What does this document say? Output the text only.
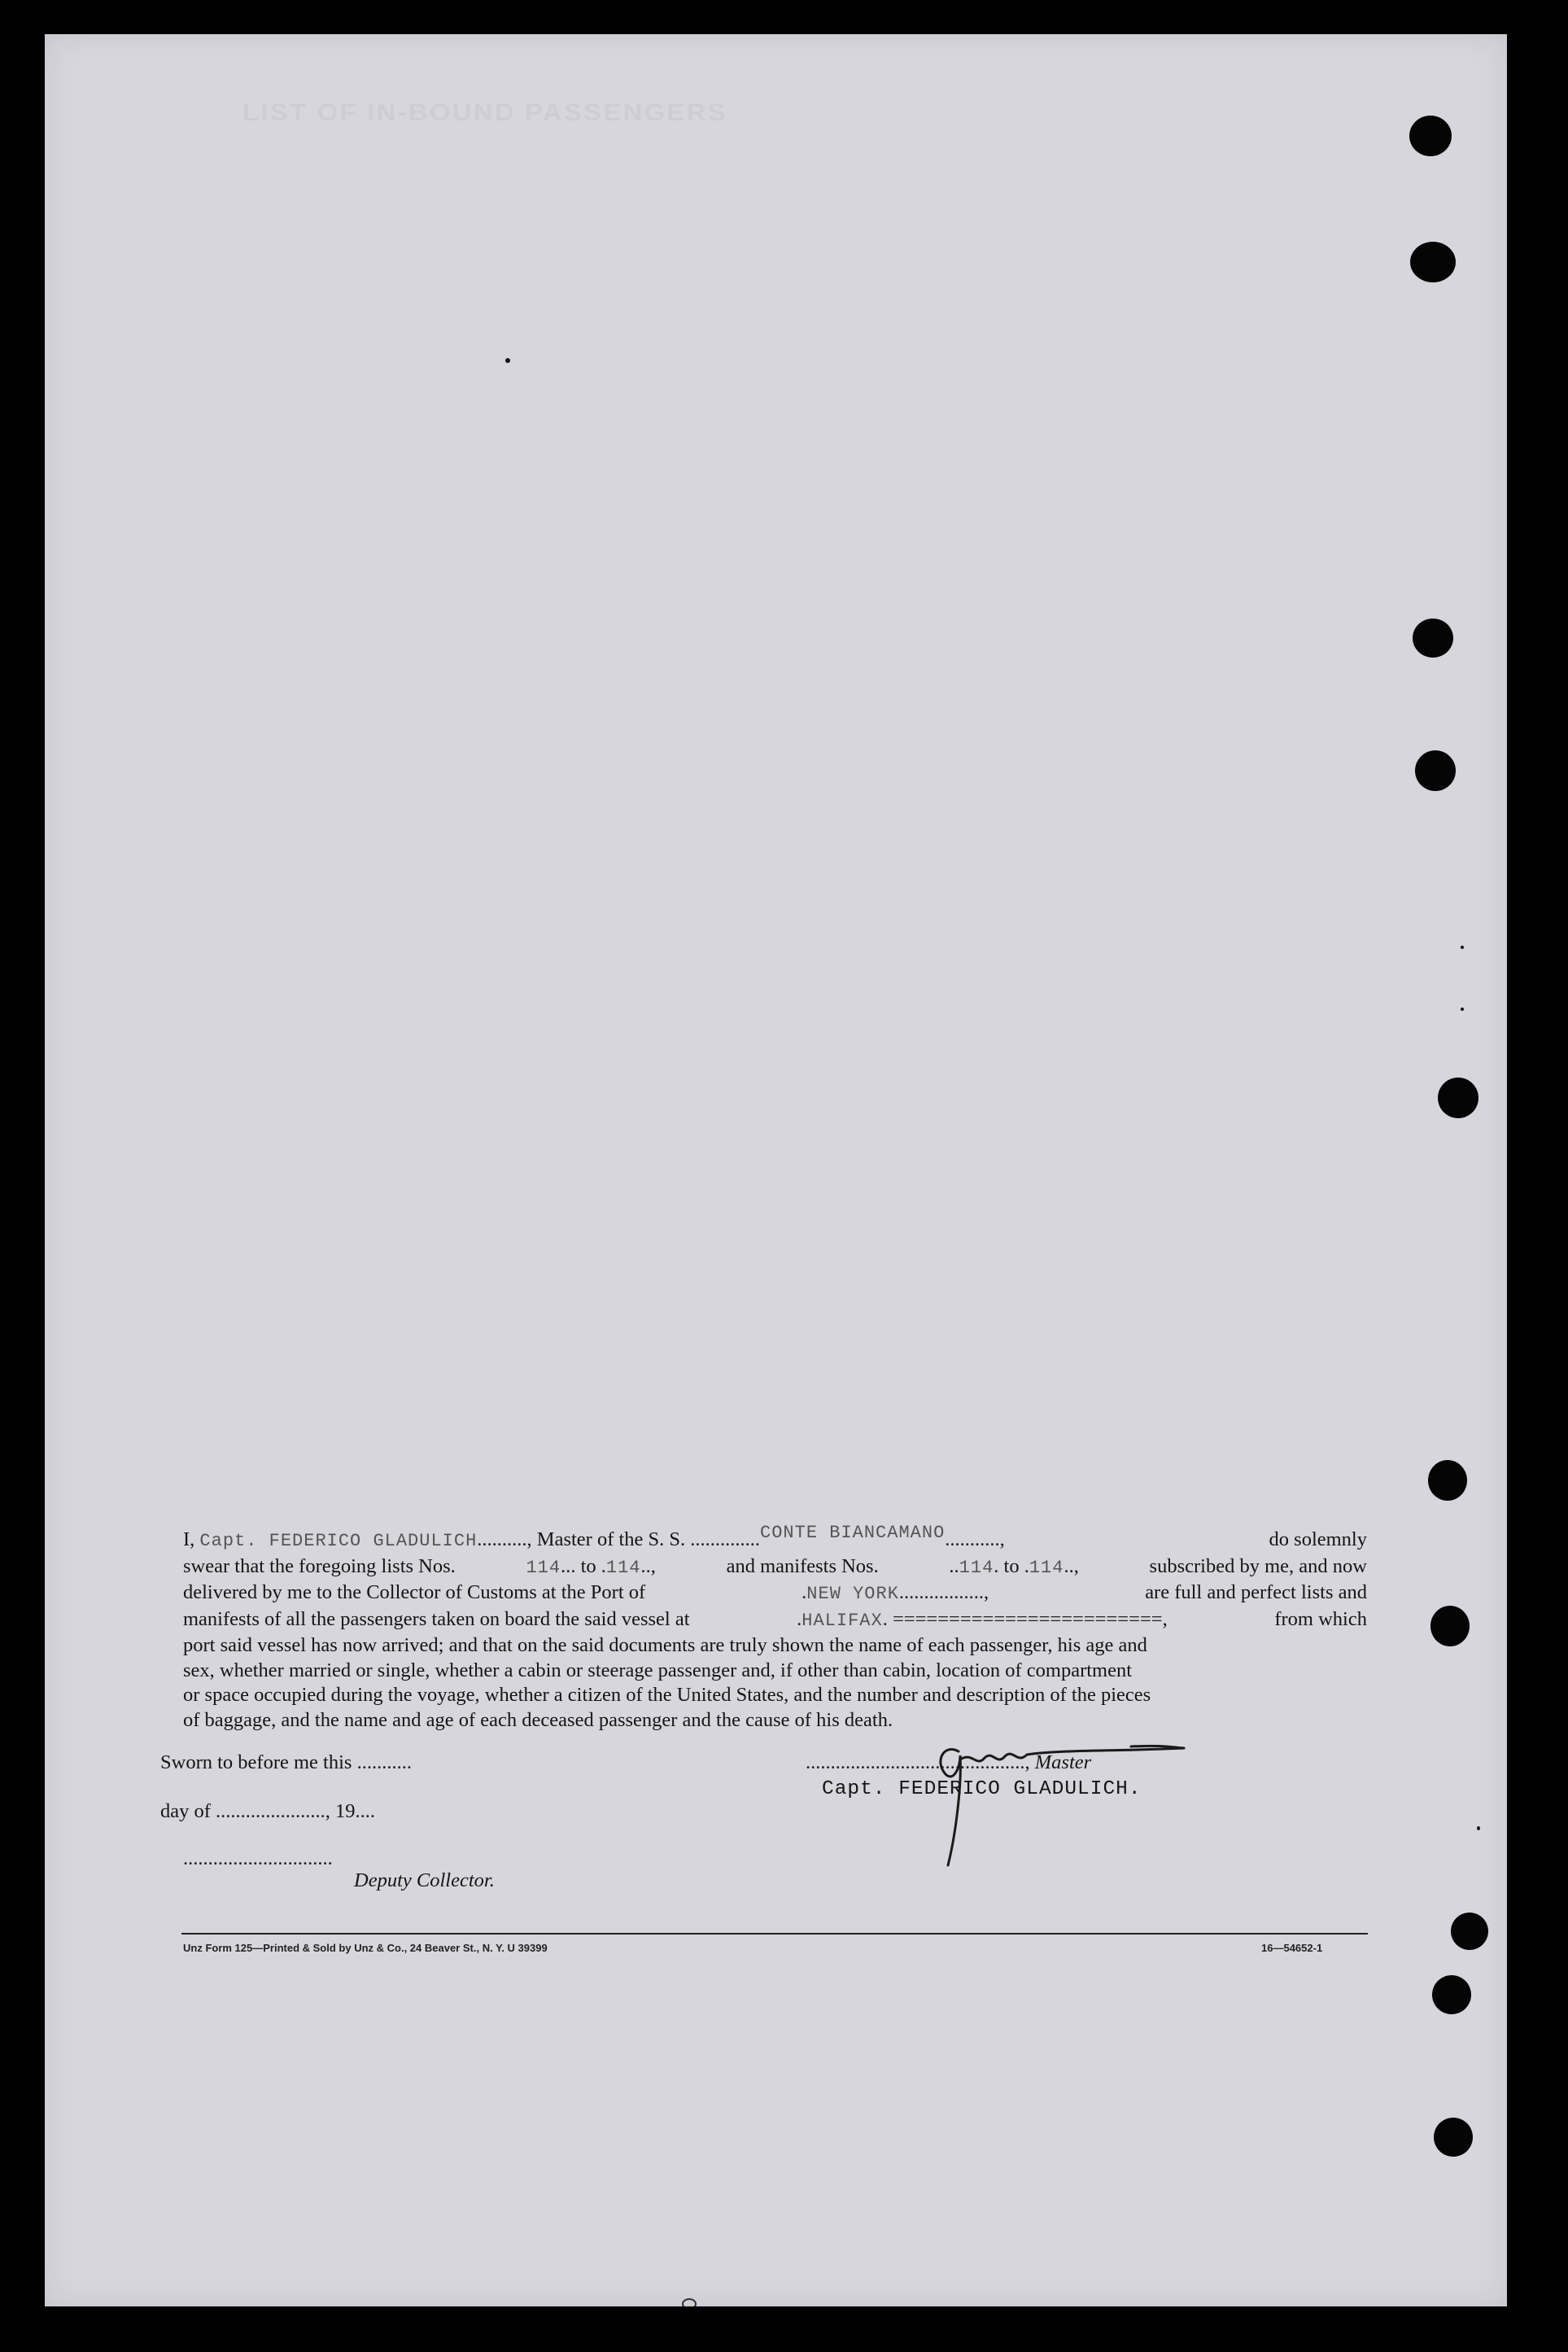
LIST OF IN-BOUND PASSENGERS
I, Capt. FEDERICO GLADULICH.........., Master of the S. S. ..............CONTE BIANCAMANO...........,	do solemnly
swear that the foregoing lists Nos.	114... to .114..,	and manifests Nos.	..114. to .114..,	subscribed by me, and now
delivered by me to the Collector of Customs at the Port of	.NEW YORK.................,	are full and perfect lists and
manifests of all the passengers taken on board the said vessel at	.HALIFAX. ========================,	from which
port said vessel has now arrived; and that on the said documents are truly shown the name of each passenger, his age and
sex, whether married or single, whether a cabin or steerage passenger and, if other than cabin, location of compartment
or space occupied during the voyage, whether a citizen of the United States, and the number and description of the pieces
of baggage, and the name and age of each deceased passenger and the cause of his death.
Sworn to before me this ...........
day of ......................, 19....
..............................
Deputy Collector.
............................................, Master
Capt. FEDERICO GLADULICH.
Unz Form 125—Printed & Sold by Unz & Co., 24 Beaver St., N. Y. U 39399	16—54652-1
